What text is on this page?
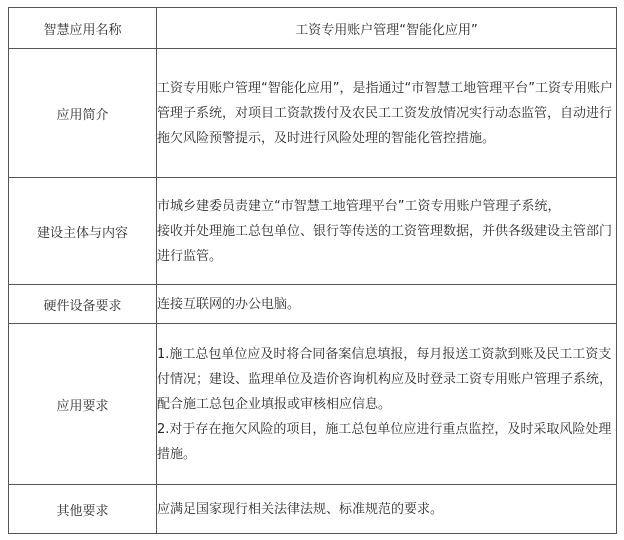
智慧应用名称	工资专用账户管理“智能化应用”
应用简介	工资专用账户管理“智能化应用”，是指通过“市智慧工地管理平台”工资专用账户管理子系统，对项目工资款拨付及农民工工资发放情况实行动态监管，自动进行拖欠风险预警提示，及时进行风险处理的智能化管控措施。

建设主体与内容	市城乡建委员责建立“市智慧工地管理平台”工资专用账户管理子系统，

接收并处理施工总包单位、银行等传送的工资管理数据，并供各级建设主管部门进行监管。

硬件设备要求	连接互联网的办公电脑。

应用要求	1.施工总包单位应及时将合同备案信息填报，每月报送工资款到账及民工工资支付情况；建设、监理单位及造价咨询机构应及时登录工资专用账户管理子系统，配合施工总包企业填报或审核相应信息。

2.对于存在拖欠风险的项目，施工总包单位应进行重点监控，及时采取风险处理措施。

其他要求	应满足国家现行相关法律法规、标准规范的要求。
